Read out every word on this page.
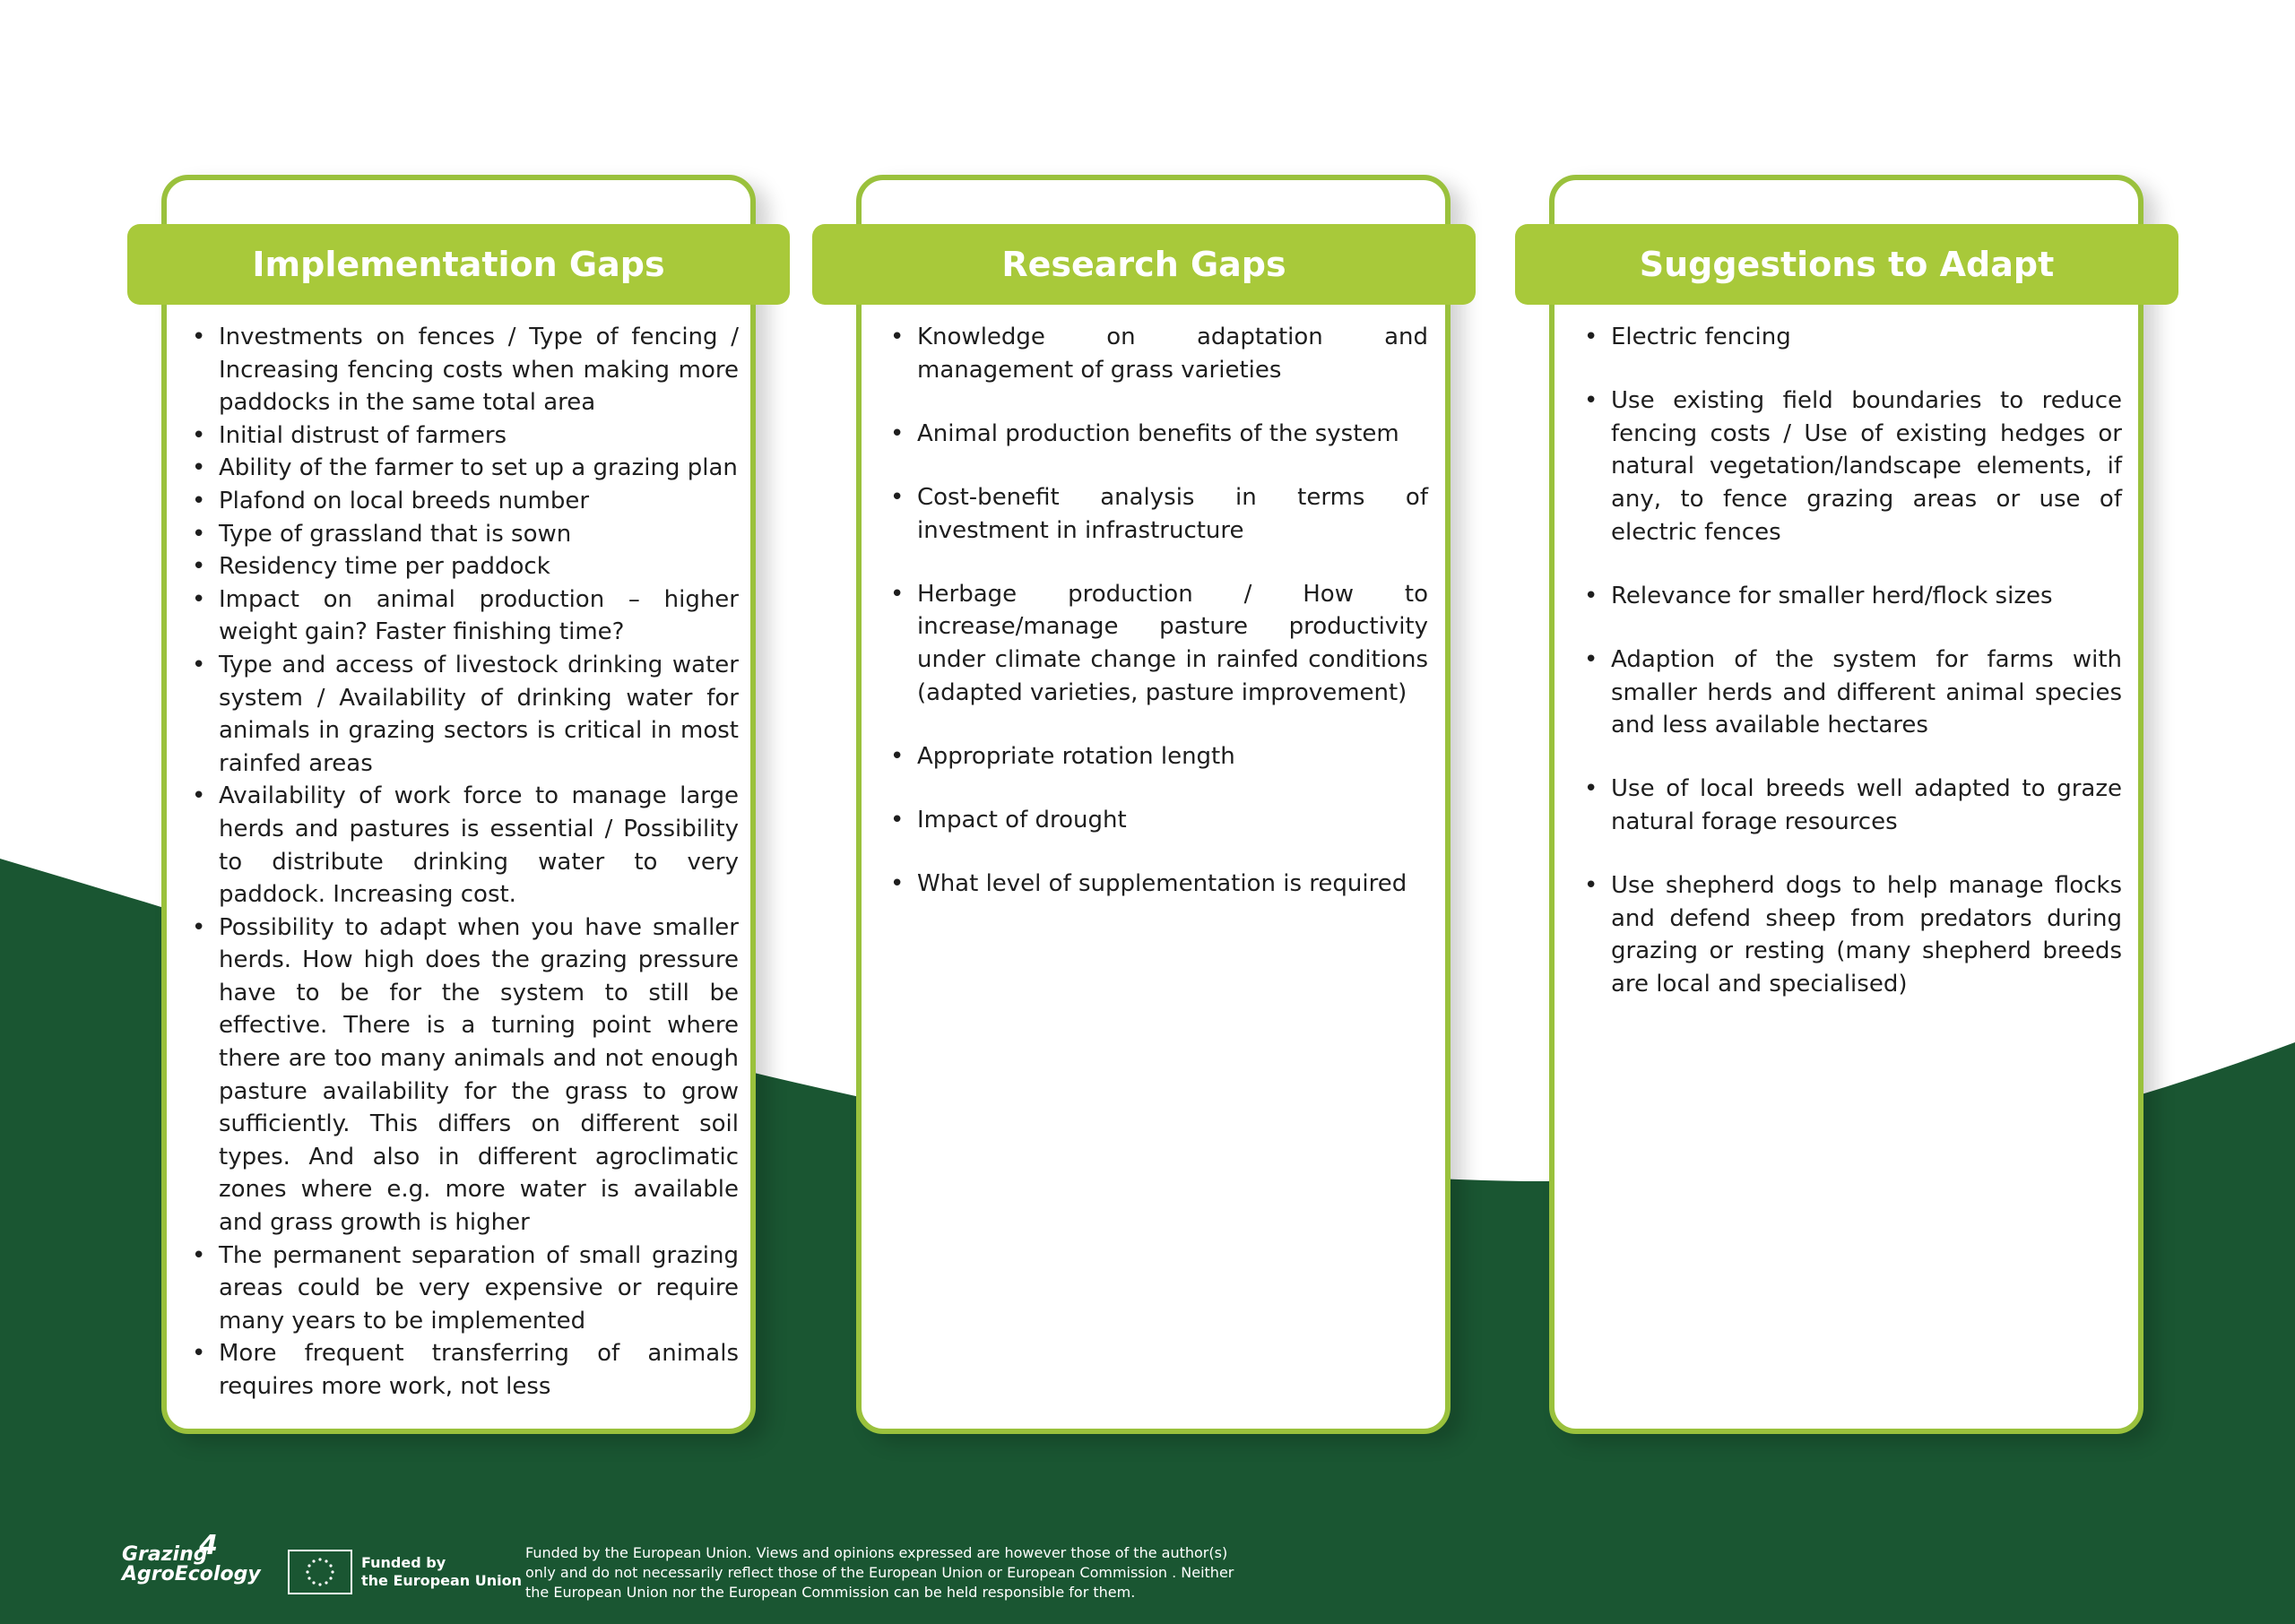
Implementation Gaps
• Investments on fences / Type of fencing / Increasing fencing costs when making more paddocks in the same total area
• Initial distrust of farmers
• Ability of the farmer to set up a grazing plan
• Plafond on local breeds number
• Type of grassland that is sown
• Residency time per paddock
• Impact on animal production – higher weight gain? Faster finishing time?
• Type and access of livestock drinking water system / Availability of drinking water for animals in grazing sectors is critical in most rainfed areas
• Availability of work force to manage large herds and pastures is essential / Possibility to distribute drinking water to very paddock. Increasing cost.
• Possibility to adapt when you have smaller herds. How high does the grazing pressure have to be for the system to still be effective. There is a turning point where there are too many animals and not enough pasture availability for the grass to grow sufficiently. This differs on different soil types. And also in different agroclimatic zones where e.g. more water is available and grass growth is higher
• The permanent separation of small grazing areas could be very expensive or require many years to be implemented
• More frequent transferring of animals requires more work, not less
Research Gaps
• Knowledge on adaptation and management of grass varieties
• Animal production benefits of the system
• Cost-benefit analysis in terms of investment in infrastructure
• Herbage production / How to increase/manage pasture productivity under climate change in rainfed conditions (adapted varieties, pasture improvement)
• Appropriate rotation length
• Impact of drought
• What level of supplementation is required
Suggestions to Adapt
• Electric fencing
• Use existing field boundaries to reduce fencing costs / Use of existing hedges or natural vegetation/landscape elements, if any, to fence grazing areas or use of electric fences
• Relevance for smaller herd/flock sizes
• Adaption of the system for farms with smaller herds and different animal species and less available hectares
• Use of local breeds well adapted to graze natural forage resources
• Use shepherd dogs to help manage flocks and defend sheep from predators during grazing or resting (many shepherd breeds are local and specialised)
Grazing
4
AgroEcology
Funded by
the European Union
Funded by the European Union. Views and opinions expressed are however those of the author(s)
only and do not necessarily reflect those of the European Union or European Commission . Neither
the European Union nor the European Commission can be held responsible for them.
